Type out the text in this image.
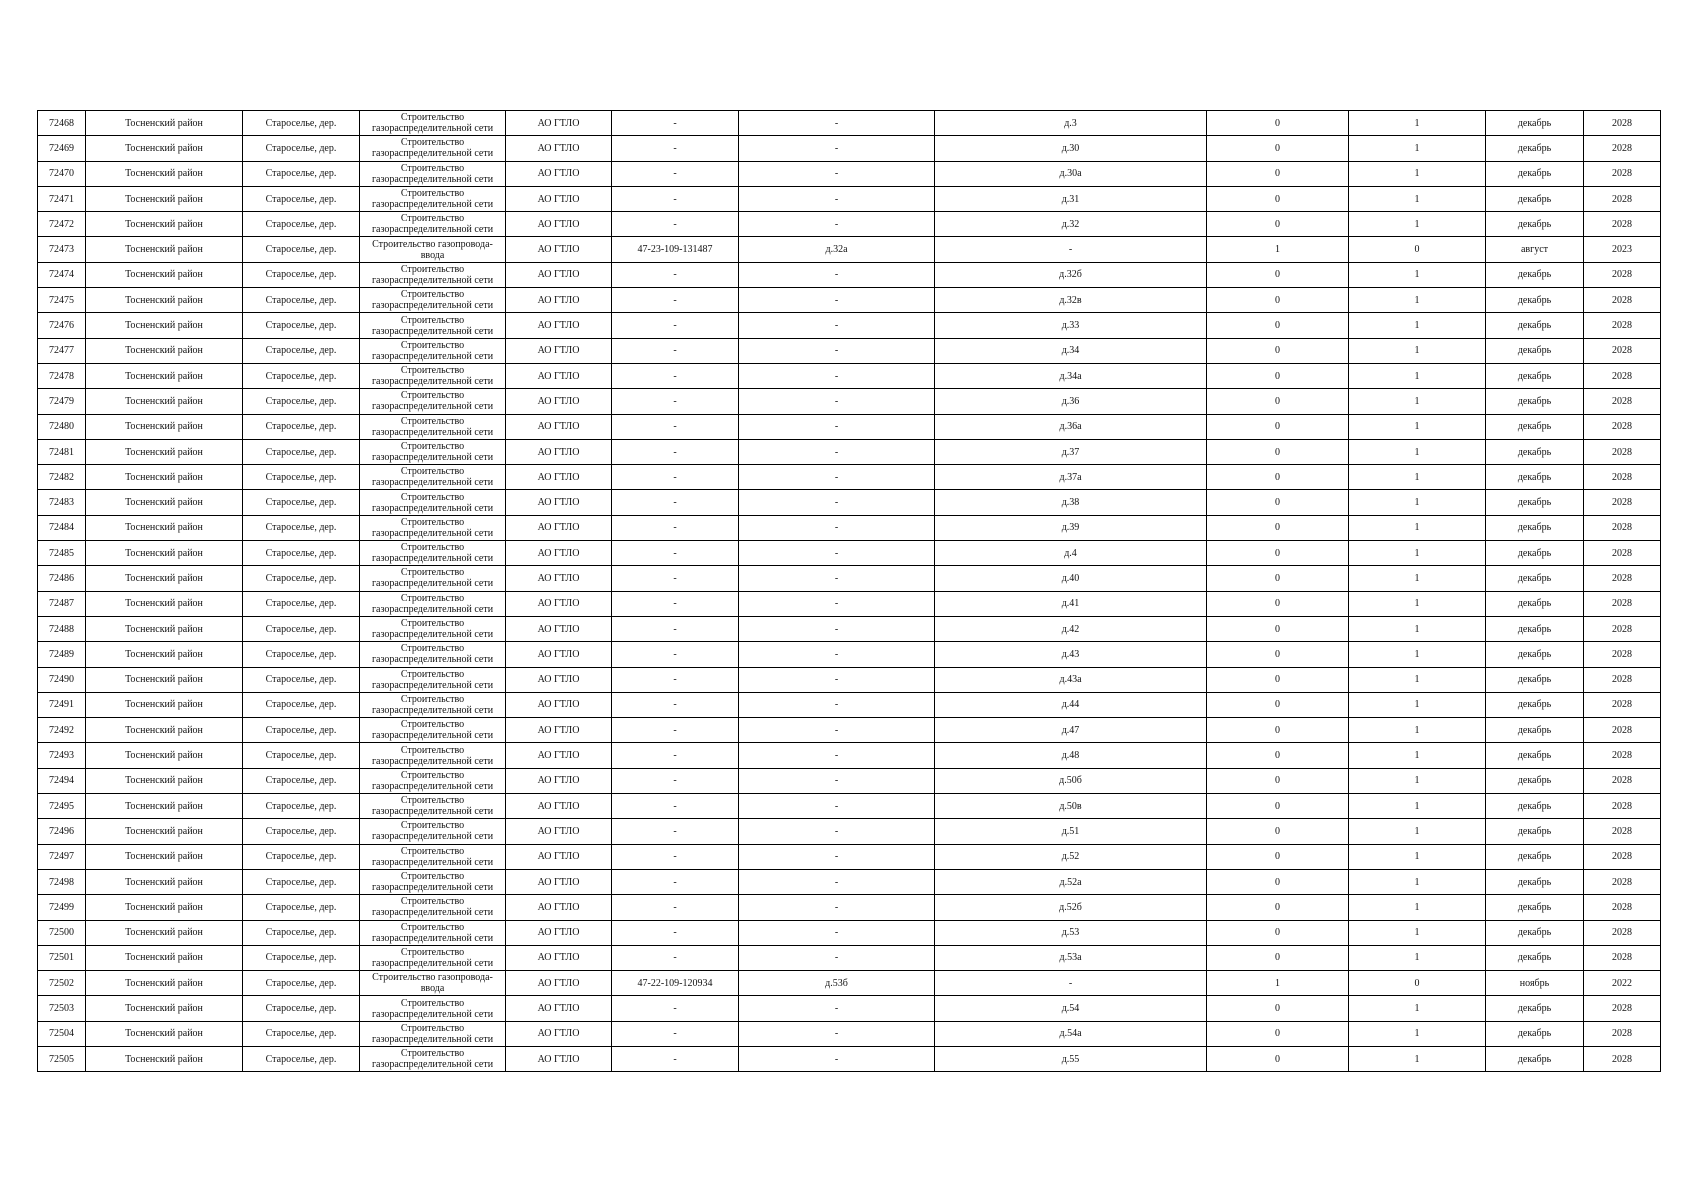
72468	Тосненский район	Староселье, дер.	Строительство газораспределительной сети	АО ГТЛО	-	-	д.3	0	1	декабрь	2028
72469	Тосненский район	Староселье, дер.	Строительство газораспределительной сети	АО ГТЛО	-	-	д.30	0	1	декабрь	2028
72470	Тосненский район	Староселье, дер.	Строительство газораспределительной сети	АО ГТЛО	-	-	д.30а	0	1	декабрь	2028
72471	Тосненский район	Староселье, дер.	Строительство газораспределительной сети	АО ГТЛО	-	-	д.31	0	1	декабрь	2028
72472	Тосненский район	Староселье, дер.	Строительство газораспределительной сети	АО ГТЛО	-	-	д.32	0	1	декабрь	2028
72473	Тосненский район	Староселье, дер.	Строительство газопровода-ввода	АО ГТЛО	47-23-109-131487	д.32а	-	1	0	август	2023
72474	Тосненский район	Староселье, дер.	Строительство газораспределительной сети	АО ГТЛО	-	-	д.32б	0	1	декабрь	2028
72475	Тосненский район	Староселье, дер.	Строительство газораспределительной сети	АО ГТЛО	-	-	д.32в	0	1	декабрь	2028
72476	Тосненский район	Староселье, дер.	Строительство газораспределительной сети	АО ГТЛО	-	-	д.33	0	1	декабрь	2028
72477	Тосненский район	Староселье, дер.	Строительство газораспределительной сети	АО ГТЛО	-	-	д.34	0	1	декабрь	2028
72478	Тосненский район	Староселье, дер.	Строительство газораспределительной сети	АО ГТЛО	-	-	д.34а	0	1	декабрь	2028
72479	Тосненский район	Староселье, дер.	Строительство газораспределительной сети	АО ГТЛО	-	-	д.36	0	1	декабрь	2028
72480	Тосненский район	Староселье, дер.	Строительство газораспределительной сети	АО ГТЛО	-	-	д.36а	0	1	декабрь	2028
72481	Тосненский район	Староселье, дер.	Строительство газораспределительной сети	АО ГТЛО	-	-	д.37	0	1	декабрь	2028
72482	Тосненский район	Староселье, дер.	Строительство газораспределительной сети	АО ГТЛО	-	-	д.37а	0	1	декабрь	2028
72483	Тосненский район	Староселье, дер.	Строительство газораспределительной сети	АО ГТЛО	-	-	д.38	0	1	декабрь	2028
72484	Тосненский район	Староселье, дер.	Строительство газораспределительной сети	АО ГТЛО	-	-	д.39	0	1	декабрь	2028
72485	Тосненский район	Староселье, дер.	Строительство газораспределительной сети	АО ГТЛО	-	-	д.4	0	1	декабрь	2028
72486	Тосненский район	Староселье, дер.	Строительство газораспределительной сети	АО ГТЛО	-	-	д.40	0	1	декабрь	2028
72487	Тосненский район	Староселье, дер.	Строительство газораспределительной сети	АО ГТЛО	-	-	д.41	0	1	декабрь	2028
72488	Тосненский район	Староселье, дер.	Строительство газораспределительной сети	АО ГТЛО	-	-	д.42	0	1	декабрь	2028
72489	Тосненский район	Староселье, дер.	Строительство газораспределительной сети	АО ГТЛО	-	-	д.43	0	1	декабрь	2028
72490	Тосненский район	Староселье, дер.	Строительство газораспределительной сети	АО ГТЛО	-	-	д.43а	0	1	декабрь	2028
72491	Тосненский район	Староселье, дер.	Строительство газораспределительной сети	АО ГТЛО	-	-	д.44	0	1	декабрь	2028
72492	Тосненский район	Староселье, дер.	Строительство газораспределительной сети	АО ГТЛО	-	-	д.47	0	1	декабрь	2028
72493	Тосненский район	Староселье, дер.	Строительство газораспределительной сети	АО ГТЛО	-	-	д.48	0	1	декабрь	2028
72494	Тосненский район	Староселье, дер.	Строительство газораспределительной сети	АО ГТЛО	-	-	д.50б	0	1	декабрь	2028
72495	Тосненский район	Староселье, дер.	Строительство газораспределительной сети	АО ГТЛО	-	-	д.50в	0	1	декабрь	2028
72496	Тосненский район	Староселье, дер.	Строительство газораспределительной сети	АО ГТЛО	-	-	д.51	0	1	декабрь	2028
72497	Тосненский район	Староселье, дер.	Строительство газораспределительной сети	АО ГТЛО	-	-	д.52	0	1	декабрь	2028
72498	Тосненский район	Староселье, дер.	Строительство газораспределительной сети	АО ГТЛО	-	-	д.52а	0	1	декабрь	2028
72499	Тосненский район	Староселье, дер.	Строительство газораспределительной сети	АО ГТЛО	-	-	д.52б	0	1	декабрь	2028
72500	Тосненский район	Староселье, дер.	Строительство газораспределительной сети	АО ГТЛО	-	-	д.53	0	1	декабрь	2028
72501	Тосненский район	Староселье, дер.	Строительство газораспределительной сети	АО ГТЛО	-	-	д.53а	0	1	декабрь	2028
72502	Тосненский район	Староселье, дер.	Строительство газопровода-ввода	АО ГТЛО	47-22-109-120934	д.53б	-	1	0	ноябрь	2022
72503	Тосненский район	Староселье, дер.	Строительство газораспределительной сети	АО ГТЛО	-	-	д.54	0	1	декабрь	2028
72504	Тосненский район	Староселье, дер.	Строительство газораспределительной сети	АО ГТЛО	-	-	д.54а	0	1	декабрь	2028
72505	Тосненский район	Староселье, дер.	Строительство газораспределительной сети	АО ГТЛО	-	-	д.55	0	1	декабрь	2028
